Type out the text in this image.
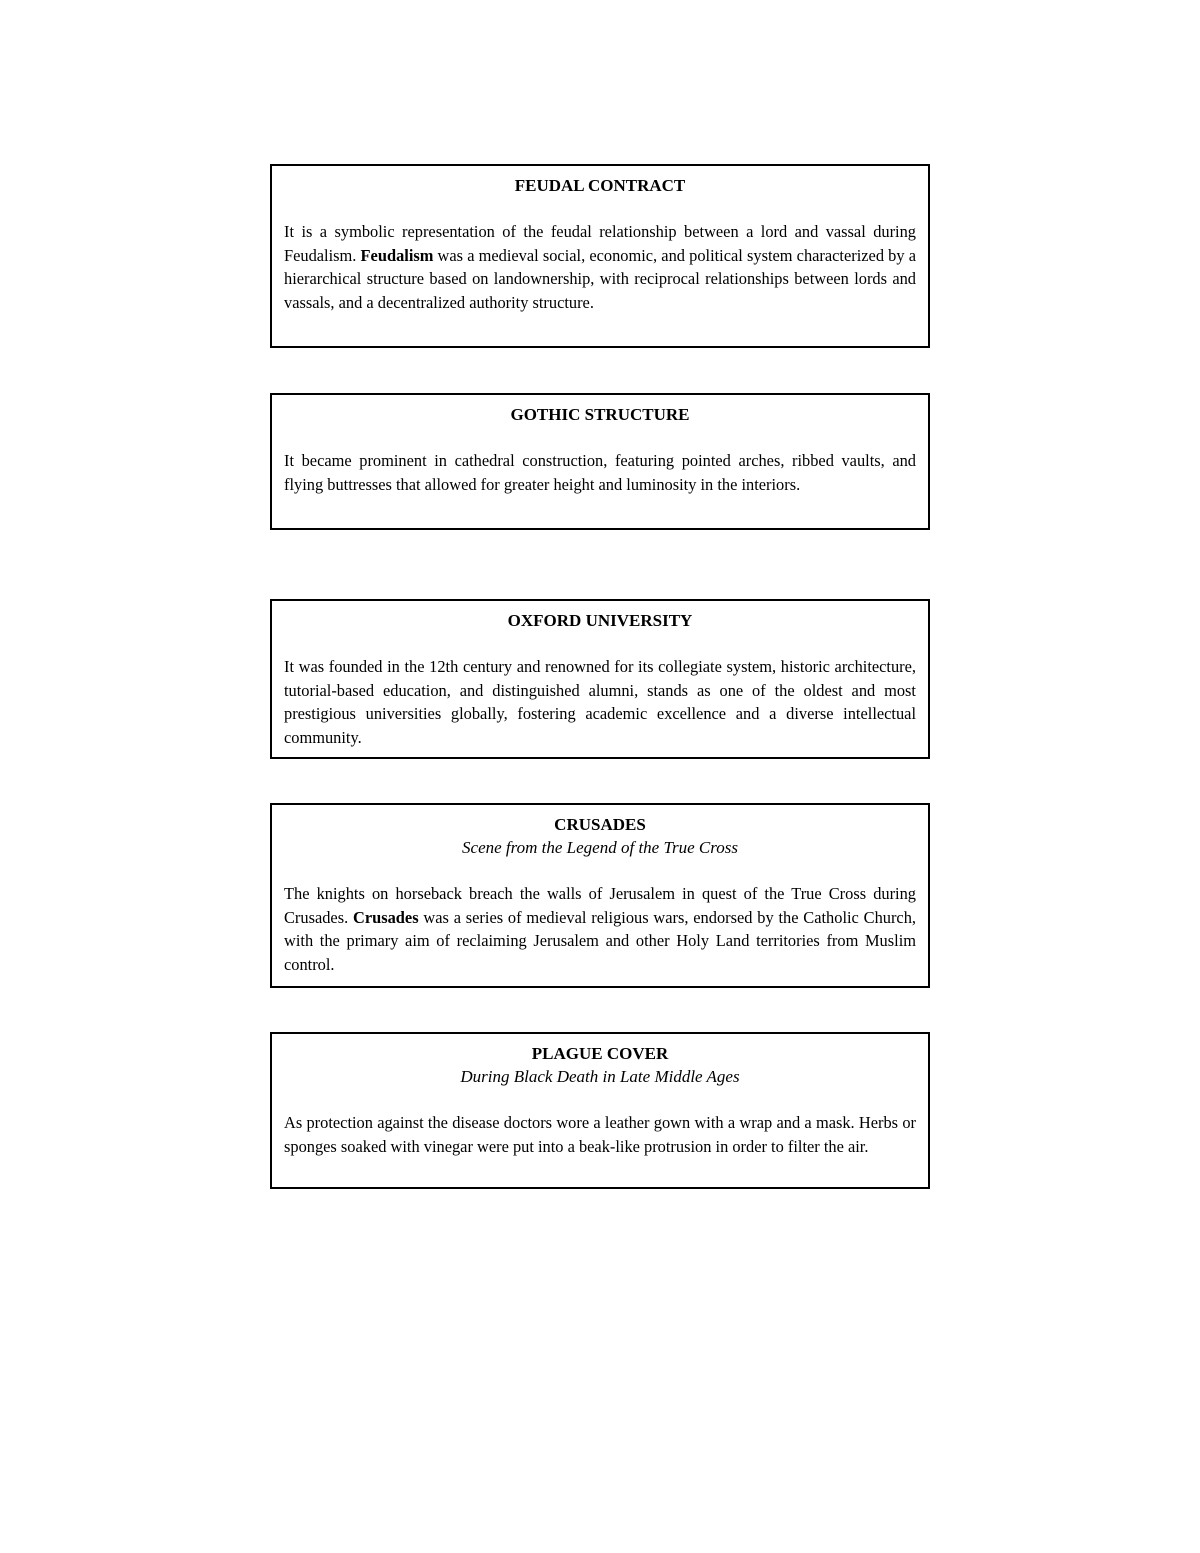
FEUDAL CONTRACT

It is a symbolic representation of the feudal relationship between a lord and vassal during Feudalism. Feudalism was a medieval social, economic, and political system characterized by a hierarchical structure based on landownership, with reciprocal relationships between lords and vassals, and a decentralized authority structure.

GOTHIC STRUCTURE

It became prominent in cathedral construction, featuring pointed arches, ribbed vaults, and flying buttresses that allowed for greater height and luminosity in the interiors.

OXFORD UNIVERSITY

It was founded in the 12th century and renowned for its collegiate system, historic architecture, tutorial-based education, and distinguished alumni, stands as one of the oldest and most prestigious universities globally, fostering academic excellence and a diverse intellectual community.

CRUSADES

Scene from the Legend of the True Cross

The knights on horseback breach the walls of Jerusalem in quest of the True Cross during Crusades. Crusades was a series of medieval religious wars, endorsed by the Catholic Church, with the primary aim of reclaiming Jerusalem and other Holy Land territories from Muslim control.

PLAGUE COVER

During Black Death in Late Middle Ages

As protection against the disease doctors wore a leather gown with a wrap and a mask. Herbs or sponges soaked with vinegar were put into a beak-like protrusion in order to filter the air.
